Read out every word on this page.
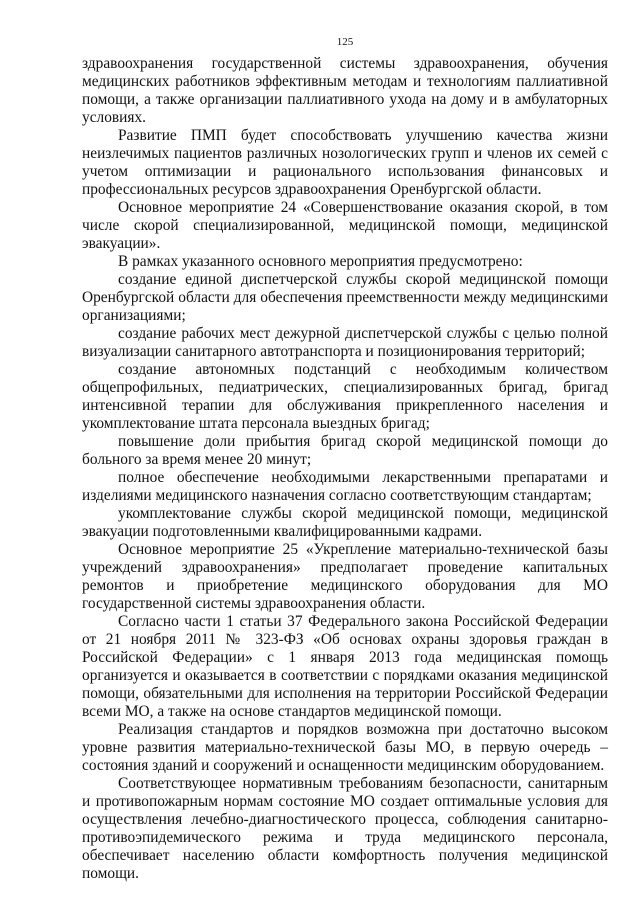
125

здравоохранения государственной системы здравоохранения, обучения медицинских работников эффективным методам и технологиям паллиативной помощи, а также организации паллиативного ухода на дому и в амбулаторных условиях.

Развитие ПМП будет способствовать улучшению качества жизни неизлечимых пациентов различных нозологических групп и членов их семей с учетом оптимизации и рационального использования финансовых и профессиональных ресурсов здравоохранения Оренбургской области.

Основное мероприятие 24 «Совершенствование оказания скорой, в том числе скорой специализированной, медицинской помощи, медицинской эвакуации».

В рамках указанного основного мероприятия предусмотрено:

создание единой диспетчерской службы скорой медицинской помощи Оренбургской области для обеспечения преемственности между медицинскими организациями;

создание рабочих мест дежурной диспетчерской службы с целью полной визуализации санитарного автотранспорта и позиционирования территорий;

создание автономных подстанций с необходимым количеством общепрофильных, педиатрических, специализированных бригад, бригад интенсивной терапии для обслуживания прикрепленного населения и укомплектование штата персонала выездных бригад;

повышение доли прибытия бригад скорой медицинской помощи до больного за время менее 20 минут;

полное обеспечение необходимыми лекарственными препаратами и изделиями медицинского назначения согласно соответствующим стандартам;

укомплектование службы скорой медицинской помощи, медицинской эвакуации подготовленными квалифицированными кадрами.

Основное мероприятие 25 «Укрепление материально-технической базы учреждений здравоохранения» предполагает проведение капитальных ремонтов и приобретение медицинского оборудования для МО государственной системы здравоохранения области.

Согласно части 1 статьи 37 Федерального закона Российской Федерации от 21 ноября 2011 № 323-ФЗ «Об основах охраны здоровья граждан в Российской Федерации» с 1 января 2013 года медицинская помощь организуется и оказывается в соответствии с порядками оказания медицинской помощи, обязательными для исполнения на территории Российской Федерации всеми МО, а также на основе стандартов медицинской помощи.

Реализация стандартов и порядков возможна при достаточно высоком уровне развития материально-технической базы МО, в первую очередь – состояния зданий и сооружений и оснащенности медицинским оборудованием.

Соответствующее нормативным требованиям безопасности, санитарным и противопожарным нормам состояние МО создает оптимальные условия для осуществления лечебно-диагностического процесса, соблюдения санитарно-противоэпидемического режима и труда медицинского персонала, обеспечивает населению области комфортность получения медицинской помощи.
